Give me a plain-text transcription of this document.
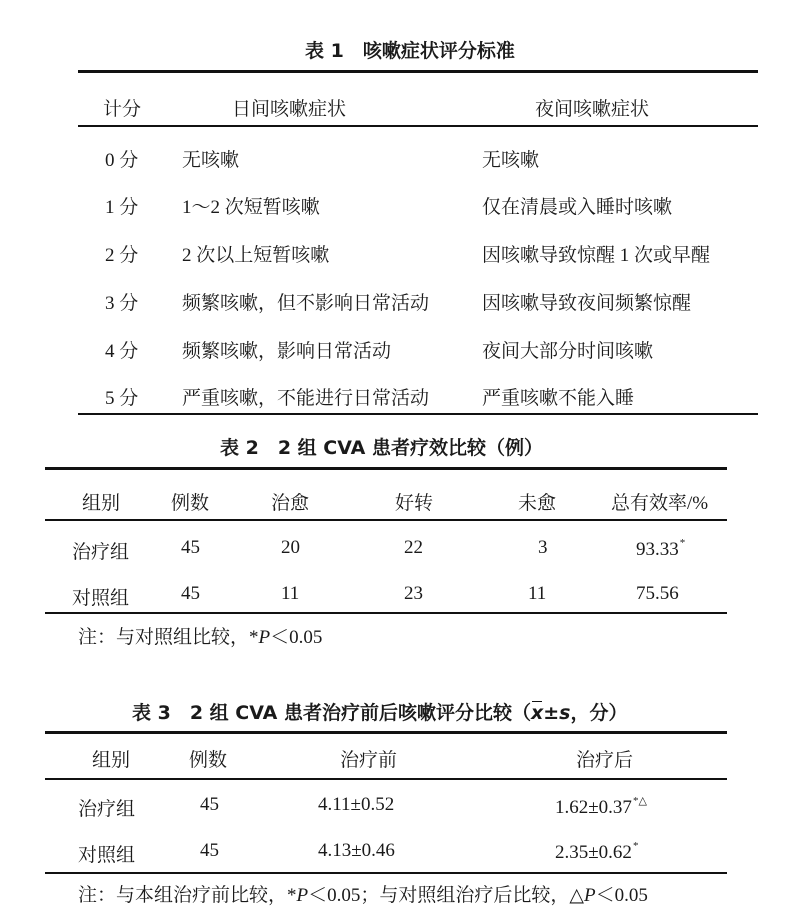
表 1　咳嗽症状评分标准
计分	日间咳嗽症状	夜间咳嗽症状
0 分 无咳嗽	无咳嗽
1 分 1～2 次短暂咳嗽	仅在清晨或入睡时咳嗽
2 分 2 次以上短暂咳嗽	因咳嗽导致惊醒 1 次或早醒
3 分 频繁咳嗽，但不影响日常活动	因咳嗽导致夜间频繁惊醒
4 分 频繁咳嗽，影响日常活动	夜间大部分时间咳嗽
5 分 严重咳嗽，不能进行日常活动	严重咳嗽不能入睡
表 2　2 组 CVA 患者疗效比较（例）
组别	例数	治愈	好转	未愈	总有效率/%
治疗组	45	20	22	3	93.33*
对照组	45	11	23	11	75.56
注：与对照组比较，*P＜0.05
表 3　2 组 CVA 患者治疗前后咳嗽评分比较（x±s，分）
组别	例数	治疗前	治疗后
治疗组	45	4.11±0.52	1.62±0.37*△
对照组	45	4.13±0.46	2.35±0.62*
注：与本组治疗前比较，*P＜0.05；与对照组治疗后比较，△P＜0.05
